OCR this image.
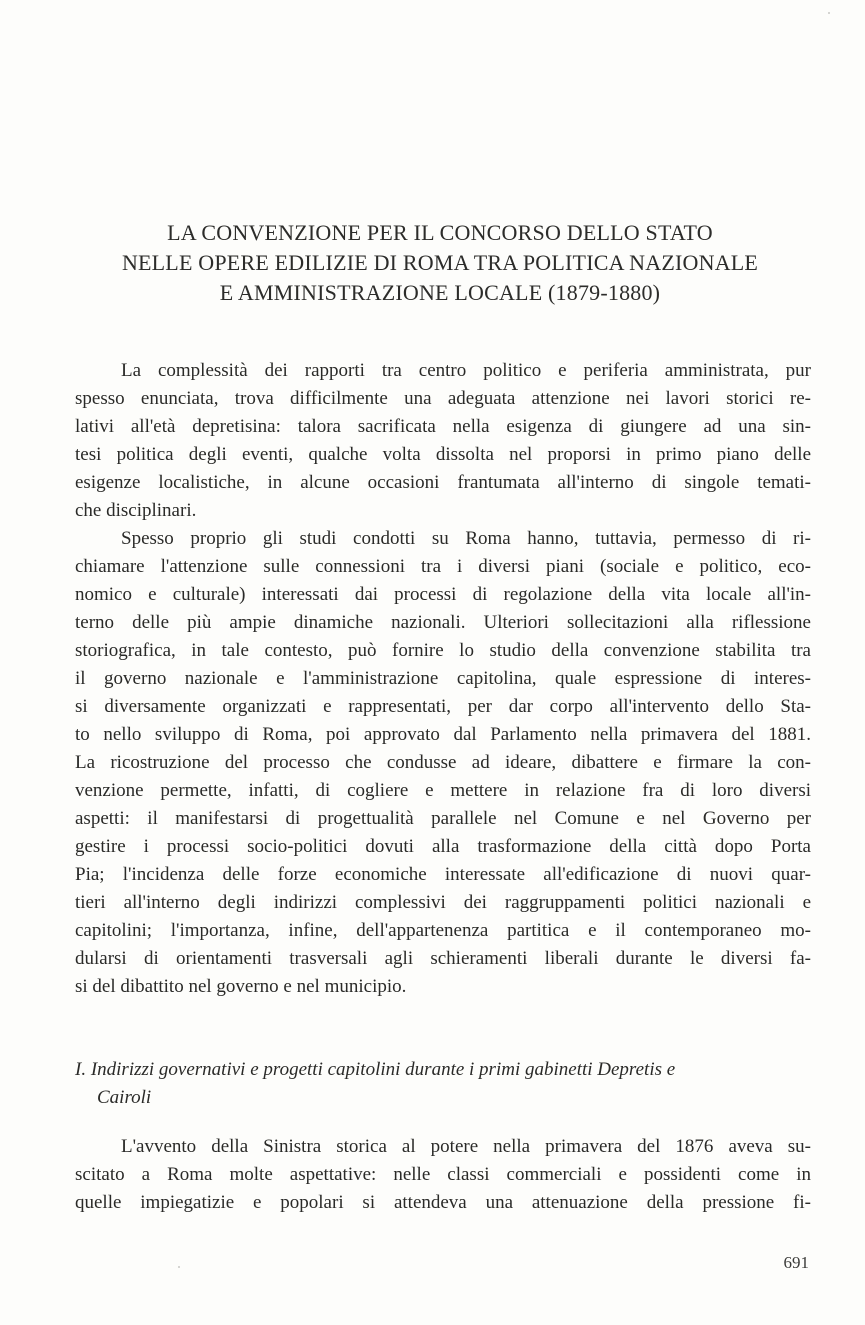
LA CONVENZIONE PER IL CONCORSO DELLO STATO
NELLE OPERE EDILIZIE DI ROMA TRA POLITICA NAZIONALE
E AMMINISTRAZIONE LOCALE (1879-1880)
La complessità dei rapporti tra centro politico e periferia amministrata, pur
spesso enunciata, trova difficilmente una adeguata attenzione nei lavori storici re-
lativi all'età depretisina: talora sacrificata nella esigenza di giungere ad una sin-
tesi politica degli eventi, qualche volta dissolta nel proporsi in primo piano delle
esigenze localistiche, in alcune occasioni frantumata all'interno di singole temati-
che disciplinari.
Spesso proprio gli studi condotti su Roma hanno, tuttavia, permesso di ri-
chiamare l'attenzione sulle connessioni tra i diversi piani (sociale e politico, eco-
nomico e culturale) interessati dai processi di regolazione della vita locale all'in-
terno delle più ampie dinamiche nazionali. Ulteriori sollecitazioni alla riflessione
storiografica, in tale contesto, può fornire lo studio della convenzione stabilita tra
il governo nazionale e l'amministrazione capitolina, quale espressione di interes-
si diversamente organizzati e rappresentati, per dar corpo all'intervento dello Sta-
to nello sviluppo di Roma, poi approvato dal Parlamento nella primavera del 1881.
La ricostruzione del processo che condusse ad ideare, dibattere e firmare la con-
venzione permette, infatti, di cogliere e mettere in relazione fra di loro diversi
aspetti: il manifestarsi di progettualità parallele nel Comune e nel Governo per
gestire i processi socio-politici dovuti alla trasformazione della città dopo Porta
Pia; l'incidenza delle forze economiche interessate all'edificazione di nuovi quar-
tieri all'interno degli indirizzi complessivi dei raggruppamenti politici nazionali e
capitolini; l'importanza, infine, dell'appartenenza partitica e il contemporaneo mo-
dularsi di orientamenti trasversali agli schieramenti liberali durante le diversi fa-
si del dibattito nel governo e nel municipio.
I. Indirizzi governativi e progetti capitolini durante i primi gabinetti Depretis e
Cairoli
L'avvento della Sinistra storica al potere nella primavera del 1876 aveva su-
scitato a Roma molte aspettative: nelle classi commerciali e possidenti come in
quelle impiegatizie e popolari si attendeva una attenuazione della pressione fi-
691
